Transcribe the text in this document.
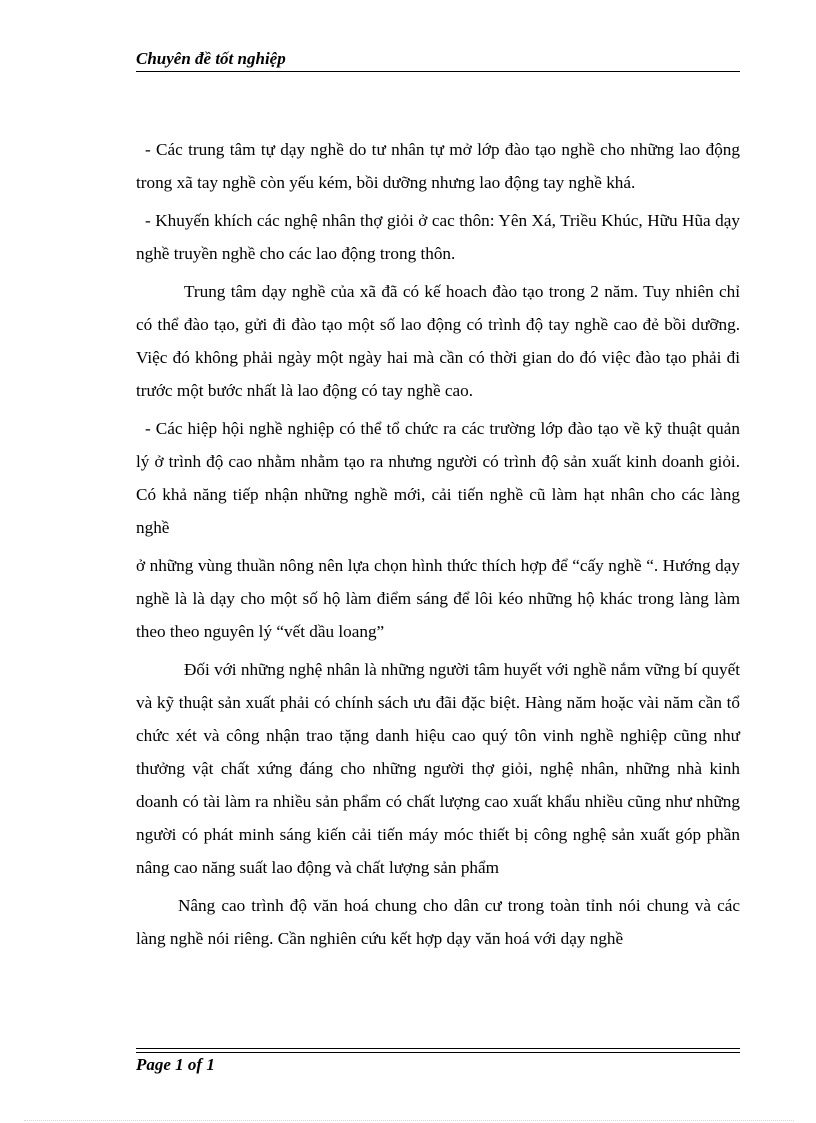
Chuyên đề tốt nghiệp

- Các trung tâm tự dạy nghề do tư nhân tự mở lớp đào tạo nghề cho những lao động trong xã tay nghề còn yếu kém, bồi dưỡng nhưng lao động tay nghề khá.

- Khuyến khích các nghệ nhân thợ giỏi ở cac thôn: Yên Xá, Triều Khúc, Hữu Hũa dạy nghề truyền nghề cho các lao động trong thôn.

Trung tâm dạy nghề của xã đã có kế hoach đào tạo trong 2 năm. Tuy nhiên chỉ có thể đào tạo, gửi đi đào tạo một số lao động có trình độ tay nghề cao đẻ bồi dưỡng. Việc đó không phải ngày một ngày hai mà cần có thời gian do đó việc đào tạo phải đi trước một bước nhất là lao động có tay nghề cao.

- Các hiệp hội nghề nghiệp có thể tổ chức ra các trường lớp đào tạo về kỹ thuật quản lý ở trình độ cao nhằm nhằm tạo ra nhưng người có trình độ sản xuất kinh doanh giỏi. Có khả năng tiếp nhận những nghề mới, cải tiến nghề cũ làm hạt nhân cho các làng nghề

ở những vùng thuần nông nên lựa chọn hình thức thích hợp để “cấy nghề “. Hướng dạy nghề là là dạy cho một số hộ làm điểm sáng để lôi kéo những hộ khác trong làng làm theo theo nguyên lý “vết dầu loang”

Đối với những nghệ nhân là những người tâm huyết với nghề nắm vững bí quyết và kỹ thuật sản xuất phải có chính sách ưu đãi đặc biệt. Hàng năm hoặc vài năm cần tổ chức xét và công nhận trao tặng danh hiệu cao quý tôn vinh nghề nghiệp cũng như thưởng vật chất xứng đáng cho những người thợ giỏi, nghệ nhân, những nhà kinh doanh có tài làm ra nhiều sản phẩm có chất lượng cao xuất khẩu nhiều cũng như những người có phát minh sáng kiến cải tiến máy móc thiết bị công nghệ sản xuất góp phần nâng cao năng suất lao động và chất lượng sản phẩm

Nâng cao trình độ văn hoá chung cho dân cư trong toàn tỉnh nói chung và các làng nghề nói riêng. Cần nghiên cứu kết hợp dạy văn hoá với dạy nghề

Page 1 of 1
